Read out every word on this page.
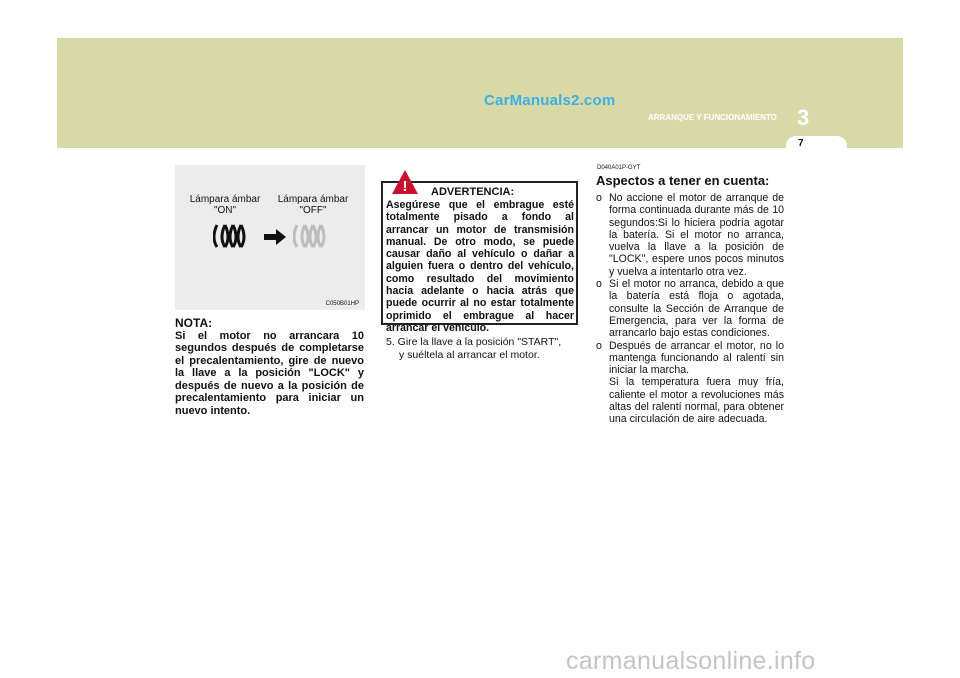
CarManuals2.com
ARRANQUE Y FUNCIONAMIENTO 3
7
Lámpara ámbar
"ON"
Lámpara ámbar
"OFF"
C050B01HP
NOTA:
Si el motor no arrancara 10 segundos después de completarse el precalentamiento, gire de nuevo la llave a la posición "LOCK" y después de nuevo a la posición de precalentamiento para iniciar un nuevo intento.
! ADVERTENCIA:
Asegúrese que el embrague esté totalmente pisado a fondo al arrancar un motor de transmisión manual. De otro modo, se puede causar daño al vehículo o dañar a alguien fuera o dentro del vehículo, como resultado del movimiento hacia adelante o hacia atrás que puede ocurrir al no estar totalmente oprimido el embrague al hacer arrancar el vehículo.
5. Gire la llave a la posición "START",
y suéltela al arrancar el motor.
D040A01P-GYT
Aspectos a tener en cuenta:
o No accione el motor de arranque de forma continuada durante más de 10 segundos:Si lo hiciera podría agotar la batería. Si el motor no arranca, vuelva la llave a la posición de "LOCK", espere unos pocos minutos y vuelva a intentarlo otra vez.
o Si el motor no arranca, debido a que la batería está floja o agotada, consulte la Sección de Arranque de Emergencia, para ver la forma de arrancarlo bajo estas condiciones.
o Después de arrancar el motor, no lo mantenga funcionando al ralentí sin iniciar la marcha.
Si la temperatura fuera muy fría, caliente el motor a revoluciones más altas del ralentí normal, para obtener una circulación de aire adecuada.
carmanualsonline.info
